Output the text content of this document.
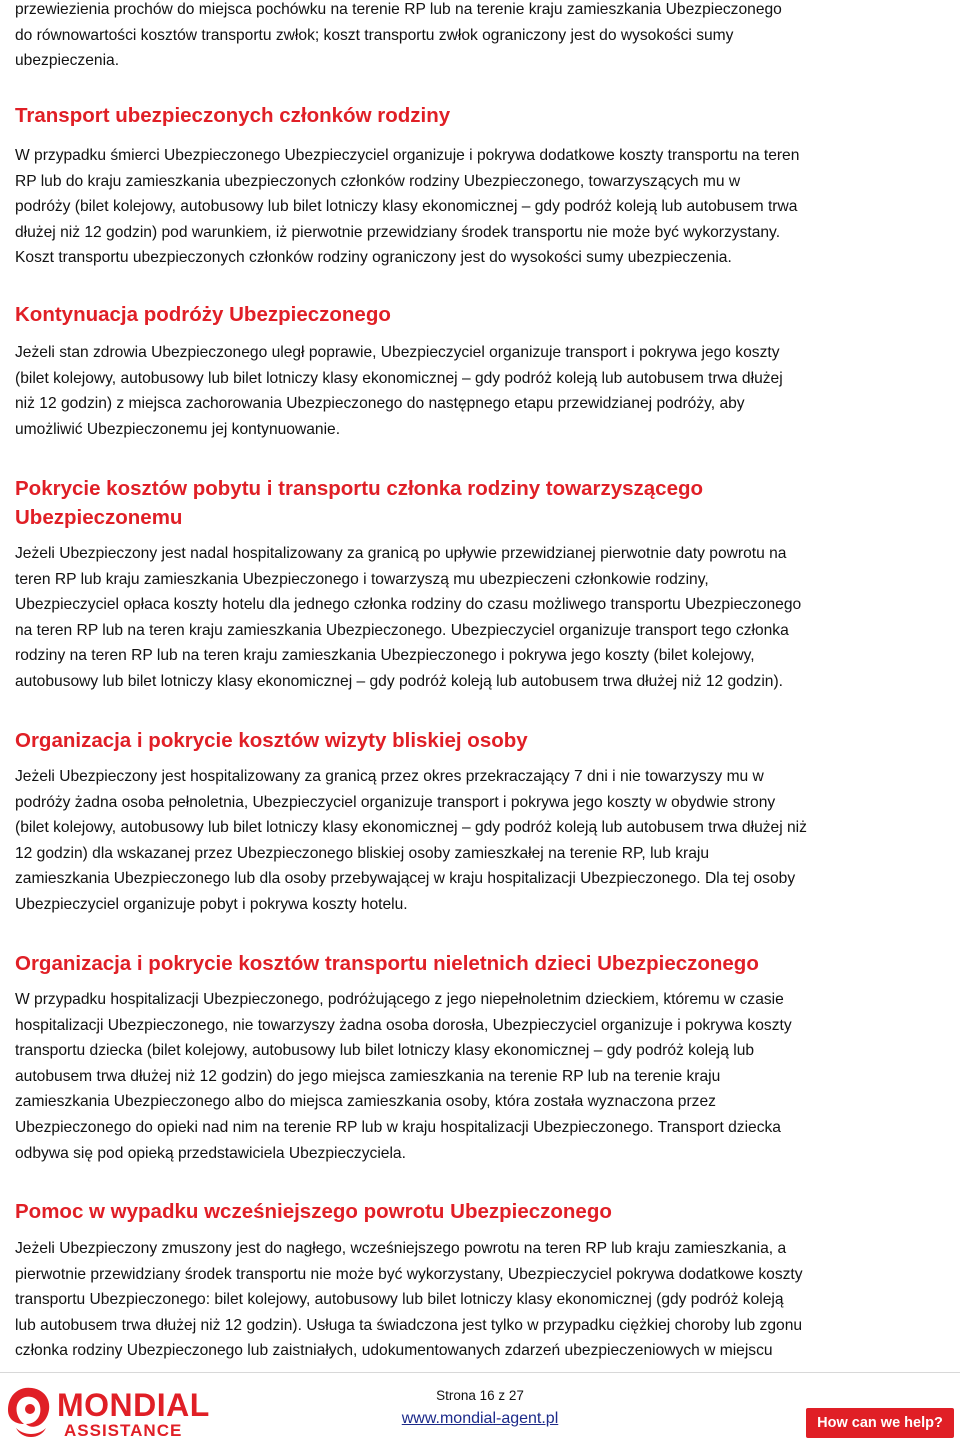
przewiezienia prochów do miejsca pochówku na terenie RP lub na terenie kraju zamieszkania Ubezpieczonego

do równowartości kosztów transportu zwłok; koszt transportu zwłok ograniczony jest do wysokości sumy

ubezpieczenia.

Transport ubezpieczonych członków rodziny

W przypadku śmierci Ubezpieczonego Ubezpieczyciel organizuje i pokrywa dodatkowe koszty transportu na teren

RP lub do kraju zamieszkania ubezpieczonych członków rodziny Ubezpieczonego, towarzyszących mu w

podróży (bilet kolejowy, autobusowy lub bilet lotniczy klasy ekonomicznej – gdy podróż koleją lub autobusem trwa

dłużej niż 12 godzin) pod warunkiem, iż pierwotnie przewidziany środek transportu nie może być wykorzystany.

Koszt transportu ubezpieczonych członków rodziny ograniczony jest do wysokości sumy ubezpieczenia.

Kontynuacja podróży Ubezpieczonego

Jeżeli stan zdrowia Ubezpieczonego uległ poprawie, Ubezpieczyciel organizuje transport i pokrywa jego koszty

(bilet kolejowy, autobusowy lub bilet lotniczy klasy ekonomicznej – gdy podróż koleją lub autobusem trwa dłużej

niż 12 godzin) z miejsca zachorowania Ubezpieczonego do następnego etapu przewidzianej podróży, aby

umożliwić Ubezpieczonemu jej kontynuowanie.

Pokrycie kosztów pobytu i transportu członka rodziny towarzyszącego
Ubezpieczonemu

Jeżeli Ubezpieczony jest nadal hospitalizowany za granicą po upływie przewidzianej pierwotnie daty powrotu na

teren RP lub kraju zamieszkania Ubezpieczonego i towarzyszą mu ubezpieczeni członkowie rodziny,

Ubezpieczyciel opłaca koszty hotelu dla jednego członka rodziny do czasu możliwego transportu Ubezpieczonego

na teren RP lub na teren kraju zamieszkania Ubezpieczonego. Ubezpieczyciel organizuje transport tego członka

rodziny na teren RP lub na teren kraju zamieszkania Ubezpieczonego i pokrywa jego koszty (bilet kolejowy,

autobusowy lub bilet lotniczy klasy ekonomicznej – gdy podróż koleją lub autobusem trwa dłużej niż 12 godzin).

Organizacja i pokrycie kosztów wizyty bliskiej osoby

Jeżeli Ubezpieczony jest hospitalizowany za granicą przez okres przekraczający 7 dni i nie towarzyszy mu w

podróży żadna osoba pełnoletnia, Ubezpieczyciel organizuje transport i pokrywa jego koszty w obydwie strony

(bilet kolejowy, autobusowy lub bilet lotniczy klasy ekonomicznej – gdy podróż koleją lub autobusem trwa dłużej niż

12 godzin) dla wskazanej przez Ubezpieczonego bliskiej osoby zamieszkałej na terenie RP, lub kraju

zamieszkania Ubezpieczonego lub dla osoby przebywającej w kraju hospitalizacji Ubezpieczonego. Dla tej osoby

Ubezpieczyciel organizuje pobyt i pokrywa koszty hotelu.

Organizacja i pokrycie kosztów transportu nieletnich dzieci Ubezpieczonego

W przypadku hospitalizacji Ubezpieczonego, podróżującego z jego niepełnoletnim dzieckiem, któremu w czasie

hospitalizacji Ubezpieczonego, nie towarzyszy żadna osoba dorosła, Ubezpieczyciel organizuje i pokrywa koszty

transportu dziecka (bilet kolejowy, autobusowy lub bilet lotniczy klasy ekonomicznej – gdy podróż koleją lub

autobusem trwa dłużej niż 12 godzin) do jego miejsca zamieszkania na terenie RP lub na terenie kraju

zamieszkania Ubezpieczonego albo do miejsca zamieszkania osoby, która została wyznaczona przez

Ubezpieczonego do opieki nad nim na terenie RP lub w kraju hospitalizacji Ubezpieczonego. Transport dziecka

odbywa się pod opieką przedstawiciela Ubezpieczyciela.

Pomoc w wypadku wcześniejszego powrotu Ubezpieczonego

Jeżeli Ubezpieczony zmuszony jest do nagłego, wcześniejszego powrotu na teren RP lub kraju zamieszkania, a

pierwotnie przewidziany środek transportu nie może być wykorzystany, Ubezpieczyciel pokrywa dodatkowe koszty

transportu Ubezpieczonego: bilet kolejowy, autobusowy lub bilet lotniczy klasy ekonomicznej (gdy podróż koleją

lub autobusem trwa dłużej niż 12 godzin). Usługa ta świadczona jest tylko w przypadku ciężkiej choroby lub zgonu

członka rodziny Ubezpieczonego lub zaistniałych, udokumentowanych zdarzeń ubezpieczeniowych w miejscu

MONDIAL
ASSISTANCE
Strona 16 z 27
www.mondial-agent.pl	How can we help?
